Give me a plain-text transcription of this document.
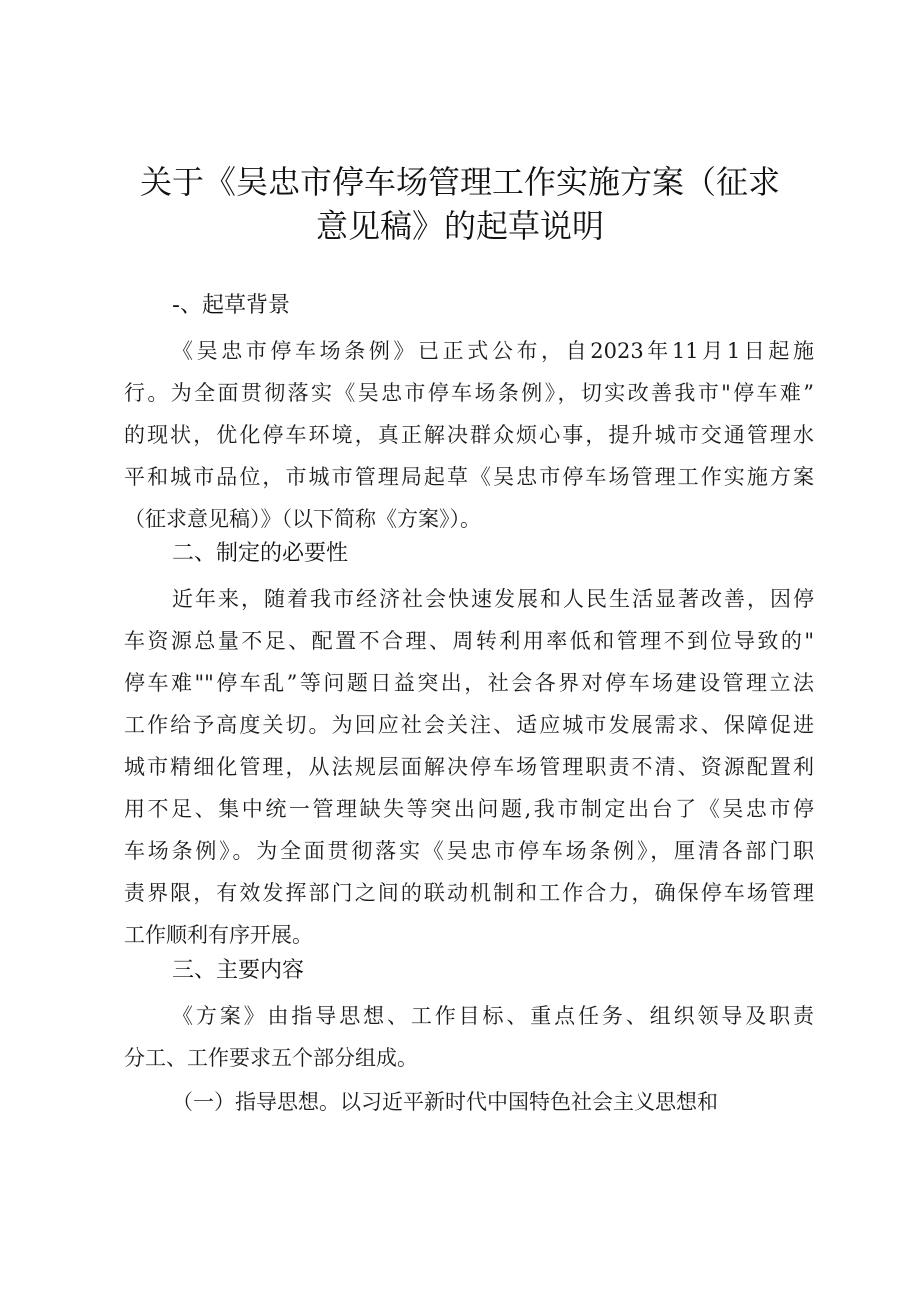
关于《吴忠市停车场管理工作实施方案（征求
意见稿》的起草说明
-、起草背景
《吴忠市停车场条例》已正式公布，自2023年11月1日起施
行。为全面贯彻落实《吴忠市停车场条例》，切实改善我市"停车难”
的现状，优化停车环境，真正解决群众烦心事，提升城市交通管理水
平和城市品位，市城市管理局起草《吴忠市停车场管理工作实施方案
（征求意见稿）》（以下简称《方案》）。
二、制定的必要性
近年来，随着我市经济社会快速发展和人民生活显著改善，因停
车资源总量不足、配置不合理、周转利用率低和管理不到位导致的"
停车难""停车乱”等问题日益突出，社会各界对停车场建设管理立法
工作给予高度关切。为回应社会关注、适应城市发展需求、保障促进
城市精细化管理，从法规层面解决停车场管理职责不清、资源配置利
用不足、集中统一管理缺失等突出问题,我市制定出台了《吴忠市停
车场条例》。为全面贯彻落实《吴忠市停车场条例》，厘清各部门职
责界限，有效发挥部门之间的联动机制和工作合力，确保停车场管理
工作顺利有序开展。
三、主要内容
《方案》由指导思想、工作目标、重点任务、组织领导及职责
分工、工作要求五个部分组成。
（一）指导思想。以习近平新时代中国特色社会主义思想和
